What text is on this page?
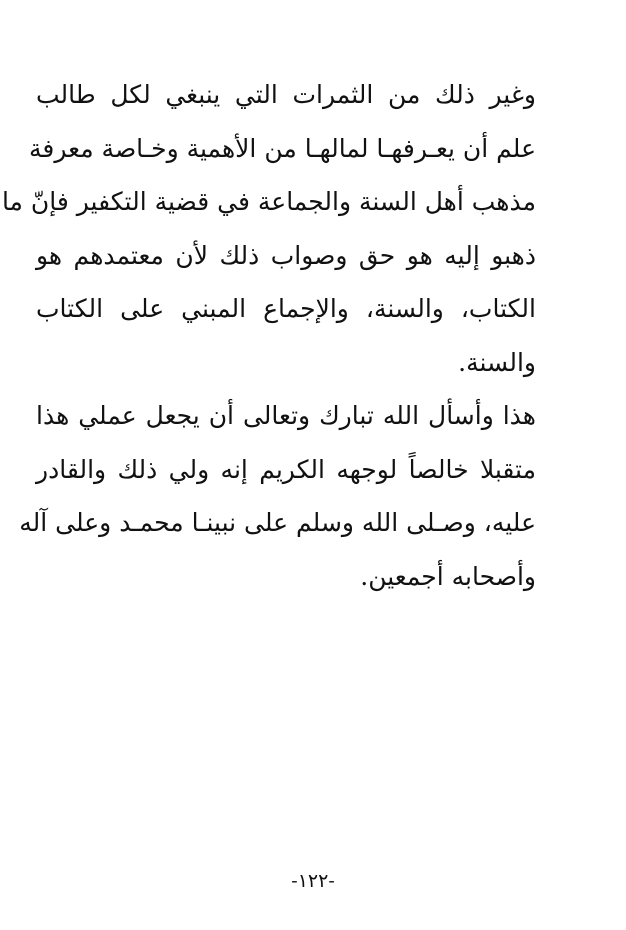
وغير ذلك من الثمرات التي ينبغي لكل طالب
علم أن يعـرفهـا لمالهـا من الأهمية وخـاصة معرفة
مذهب أهل السنة والجماعة في قضية التكفير فإنّ ما
ذهبو إليه هو حق وصواب ذلك لأن معتمدهم هو
الكتاب، والسنة، والإجماع المبني على الكتاب
والسنة.
هذا وأسأل الله تبارك وتعالى أن يجعل عملي هذا
متقبلا خالصاً لوجهه الكريم إنه ولي ذلك والقادر
عليه، وصـلى الله وسلم على نبينـا محمـد وعلى آله
وأصحابه أجمعين.
-١٢٢-
